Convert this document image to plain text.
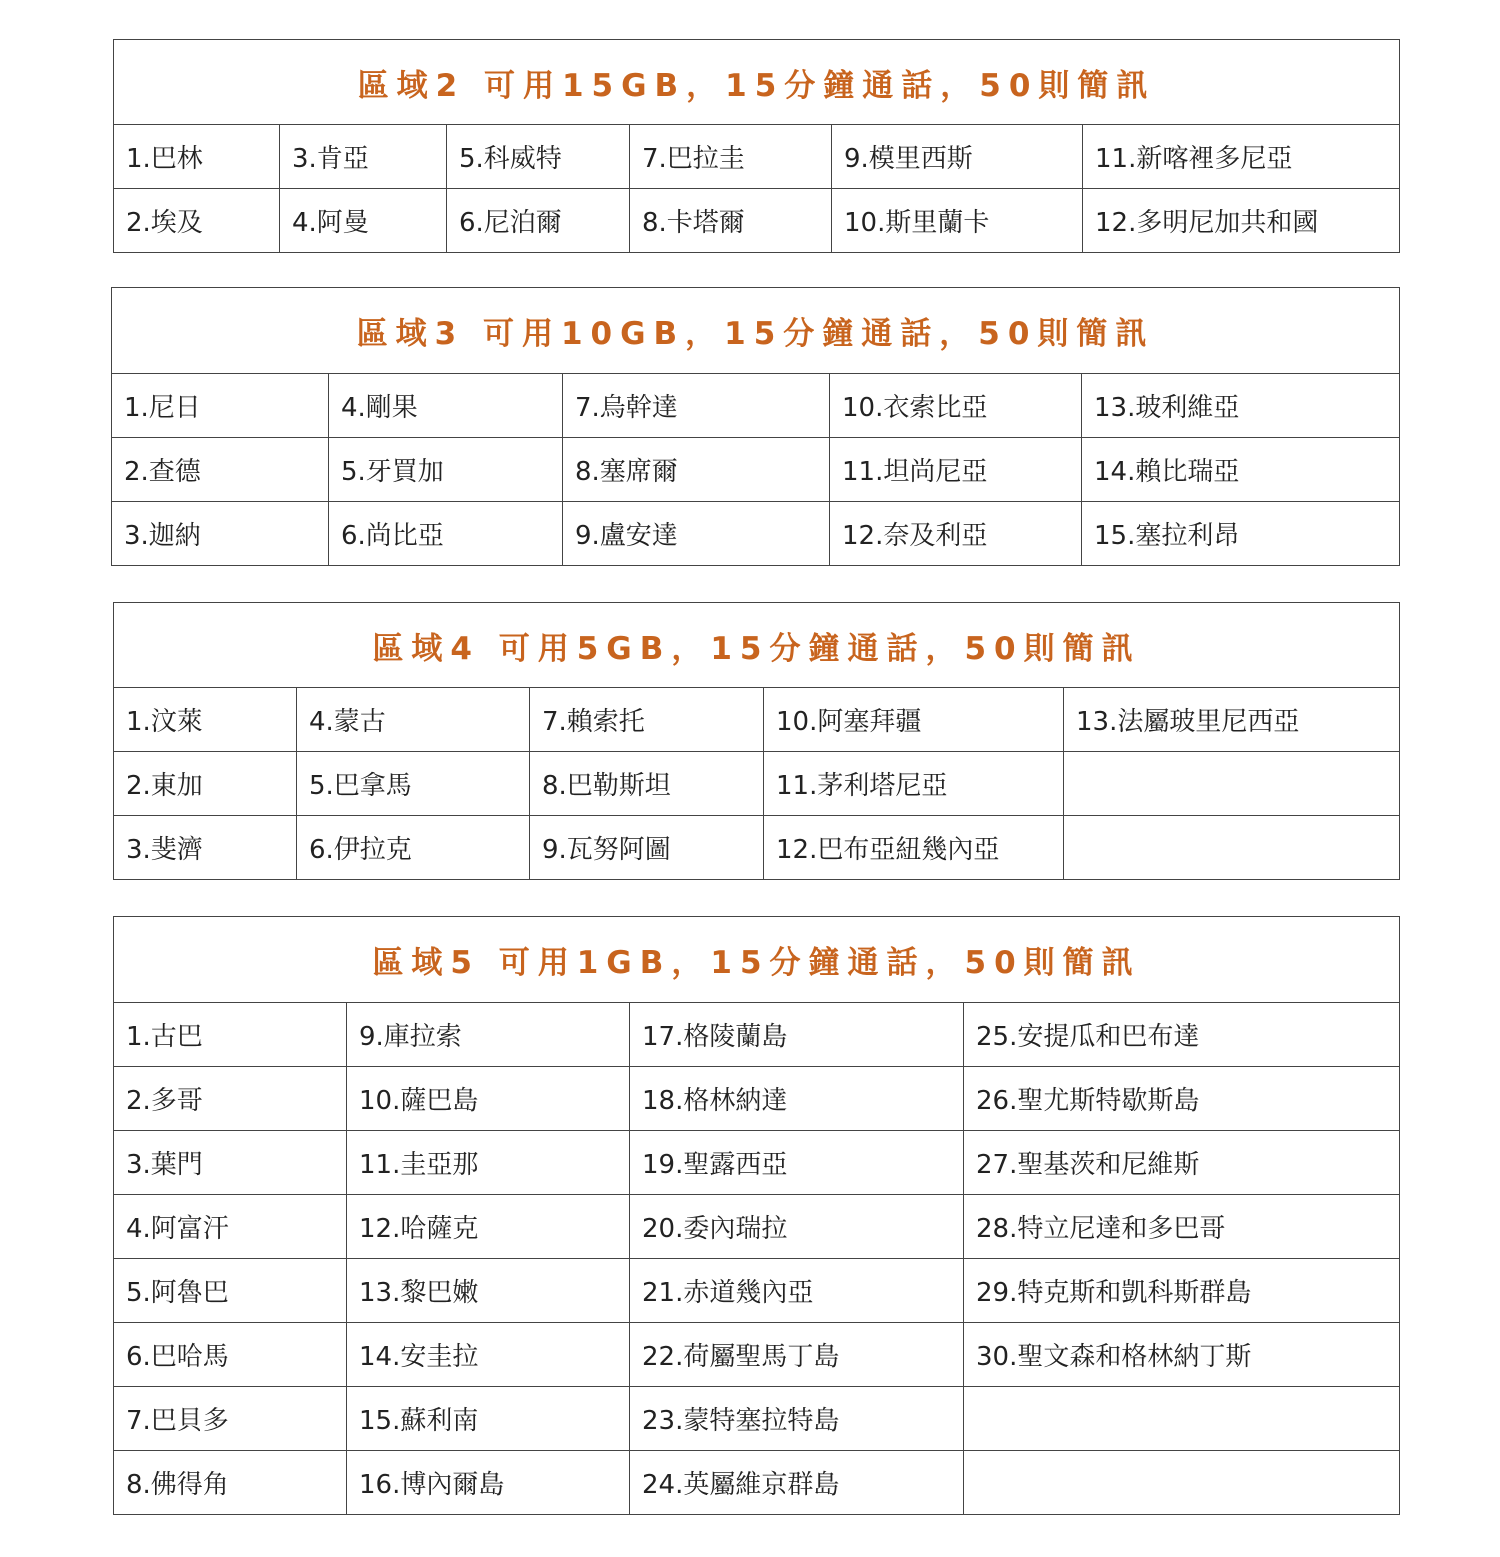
區域2 可用15GB，15分鐘通話，50則簡訊					
1.巴林	3.肯亞	5.科威特	7.巴拉圭	9.模里西斯	11.新喀裡多尼亞
2.埃及	4.阿曼	6.尼泊爾	8.卡塔爾	10.斯里蘭卡	12.多明尼加共和國
區域3 可用10GB，15分鐘通話，50則簡訊				
1.尼日	4.剛果	7.烏幹達	10.衣索比亞	13.玻利維亞
2.查德	5.牙買加	8.塞席爾	11.坦尚尼亞	14.賴比瑞亞
3.迦納	6.尚比亞	9.盧安達	12.奈及利亞	15.塞拉利昂
區域4 可用5GB，15分鐘通話，50則簡訊				
1.汶萊	4.蒙古	7.賴索托	10.阿塞拜疆	13.法屬玻里尼西亞
2.東加	5.巴拿馬	8.巴勒斯坦	11.茅利塔尼亞	
3.斐濟	6.伊拉克	9.瓦努阿圖	12.巴布亞紐幾內亞	
區域5 可用1GB，15分鐘通話，50則簡訊			
1.古巴	9.庫拉索	17.格陵蘭島	25.安提瓜和巴布達
2.多哥	10.薩巴島	18.格林納達	26.聖尤斯特歇斯島
3.葉門	11.圭亞那	19.聖露西亞	27.聖基茨和尼維斯
4.阿富汗	12.哈薩克	20.委內瑞拉	28.特立尼達和多巴哥
5.阿魯巴	13.黎巴嫩	21.赤道幾內亞	29.特克斯和凱科斯群島
6.巴哈馬	14.安圭拉	22.荷屬聖馬丁島	30.聖文森和格林納丁斯
7.巴貝多	15.蘇利南	23.蒙特塞拉特島	
8.佛得角	16.博內爾島	24.英屬維京群島	
